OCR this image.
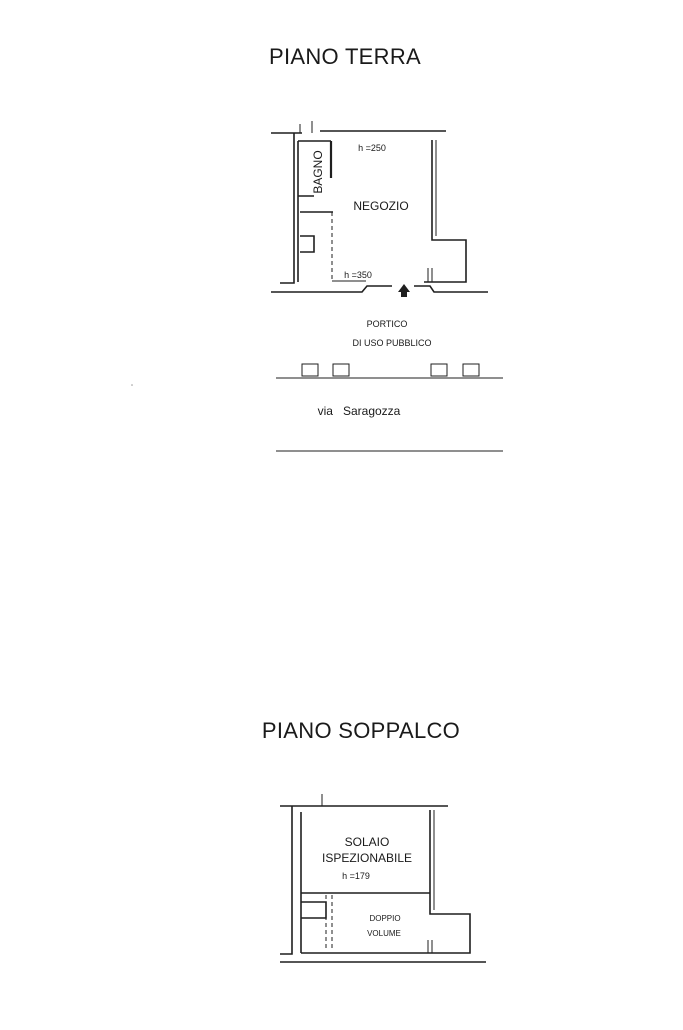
PIANO TERRA
BAGNO
NEGOZIO
h =250
h =350
PORTICO
DI USO PUBBLICO
via   Saragozza
PIANO SOPPALCO
SOLAIO
ISPEZIONABILE
h =179
DOPPIO
VOLUME
